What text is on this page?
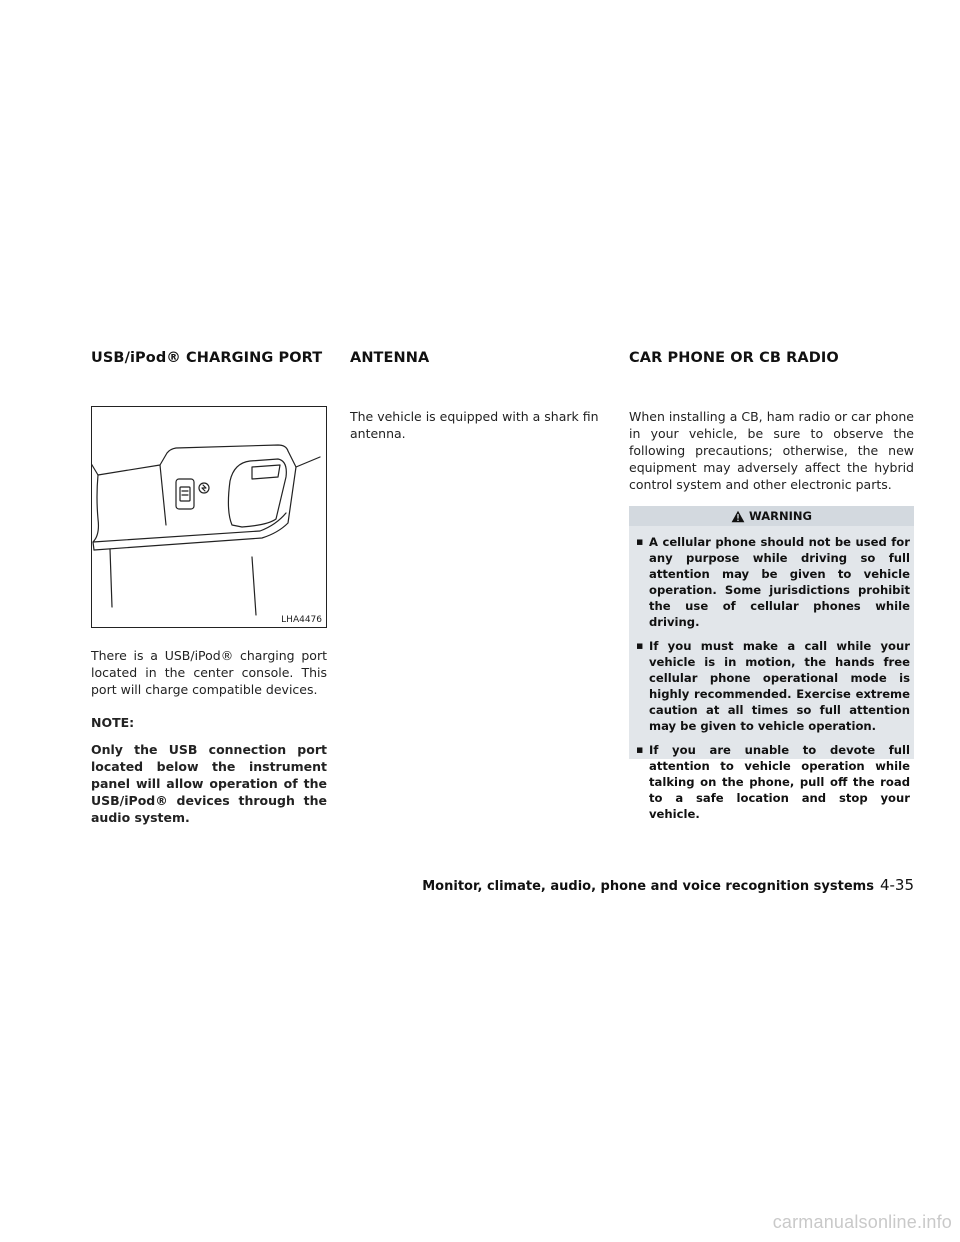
USB/iPod® CHARGING PORT ANTENNA	CAR PHONE OR CB RADIO
LHA4476

There is a USB/iPod® charging port located in the center console. This port will charge compatible devices.

NOTE:

Only the USB connection port located below the instrument panel will allow operation of the USB/iPod® devices through the audio system.

The vehicle is equipped with a shark fin antenna.

When installing a CB, ham radio or car phone in your vehicle, be sure to observe the following precautions; otherwise, the new equipment may adversely affect the hybrid control system and other electronic parts.

WARNING
▪ A cellular phone should not be used for any purpose while driving so full attention may be given to vehicle operation. Some jurisdictions prohibit the use of cellular phones while driving.
▪ If you must make a call while your vehicle is in motion, the hands free cellular phone operational mode is highly recommended. Exercise extreme caution at all times so full attention may be given to vehicle operation.
▪ If you are unable to devote full attention to vehicle operation while talking on the phone, pull off the road to a safe location and stop your vehicle.
Monitor, climate, audio, phone and voice recognition systems 4-35
carmanualsonline.info
